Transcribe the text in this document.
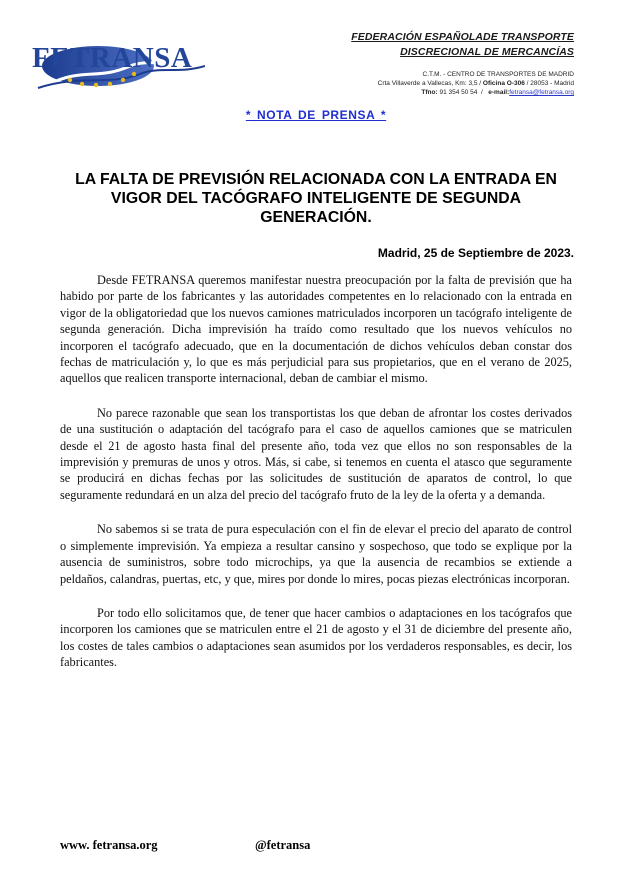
FETRANSA
FEDERACIÓN ESPAÑOLADE TRANSPORTE
DISCRECIONAL DE MERCANCÍAS
C.T.M. - CENTRO DE TRANSPORTES DE MADRID
Crta Villaverde a Vallecas, Km: 3,5 / Oficina O-306 / 28053 - Madrid
Tfno: 91 354 50 54  /   e-mail:fetransa@fetransa.org
* NOTA DE PRENSA *
LA FALTA DE PREVISIÓN RELACIONADA CON LA ENTRADA EN VIGOR DEL TACÓGRAFO INTELIGENTE DE SEGUNDA GENERACIÓN.
Madrid, 25 de Septiembre de 2023.

Desde FETRANSA queremos manifestar nuestra preocupación por la falta de previsión que ha habido por parte de los fabricantes y las autoridades competentes en lo relacionado con la entrada en vigor de la obligatoriedad que los nuevos camiones matriculados incorporen un tacógrafo inteligente de segunda generación. Dicha imprevisión ha traído como resultado que los nuevos vehículos no incorporen el tacógrafo adecuado, que en la documentación de dichos vehículos deban constar dos fechas de matriculación y, lo que es más perjudicial para sus propietarios, que en el verano de 2025, aquellos que realicen transporte internacional, deban de cambiar el mismo.

No parece razonable que sean los transportistas los que deban de afrontar los costes derivados de una sustitución o adaptación del tacógrafo para el caso de aquellos camiones que se matriculen desde el 21 de agosto hasta final del presente año, toda vez que ellos no son responsables de la imprevisión y premuras de unos y otros. Más, si cabe, si tenemos en cuenta el atasco que seguramente se producirá en dichas fechas por las solicitudes de sustitución de aparatos de control, lo que seguramente redundará en un alza del precio del tacógrafo fruto de la ley de la oferta y a demanda.

No sabemos si se trata de pura especulación con el fin de elevar el precio del aparato de control o simplemente imprevisión. Ya empieza a resultar cansino y sospechoso, que todo se explique por la ausencia de suministros, sobre todo microchips, ya que la ausencia de recambios se extiende a peldaños, calandras, puertas, etc, y que, mires por donde lo mires, pocas piezas electrónicas incorporan.

Por todo ello solicitamos que, de tener que hacer cambios o adaptaciones en los tacógrafos que incorporen los camiones que se matriculen entre el 21 de agosto y el 31 de diciembre del presente año, los costes de tales cambios o adaptaciones sean asumidos por los verdaderos responsables, es decir, los fabricantes.

www. fetransa.org	@fetransa
